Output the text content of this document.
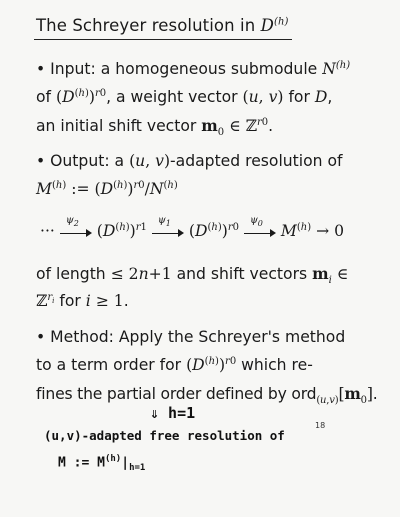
The Schreyer resolution in $D^{(h)}$
• Input: a homogeneous submodule $N^{(h)}$
of $(D^{(h)})^{r0}$, a weight vector (u, v) for D,
an initial shift vector $m_0$ ∈ ℤ$^{r0}$.
• Output: a (u, v)-adapted resolution of
$M^{(h)}$ := $(D^{(h)})^{r0}/N^{(h)}$
···
$\psi_2$ $(D^{(h)})^{r1}$
$\psi_1$ $(D^{(h)})^{r0}$
$\psi_0$ $M^{(h)} \to 0$
of length ≤ 2n+1 and shift vectors $m_i$ ∈
ℤ$^{r_i}$ for i ≥ 1.
• Method: Apply the Schreyer's method
to a term order for $(D^{(h)})^{r0}$ which re-
fines the partial order defined by $ord_{(u,v)}[m_0]$.
⇓ h=1
(u,v)-adapted free resolution of
M := $M^{(h)}|_{h=1}$
18
